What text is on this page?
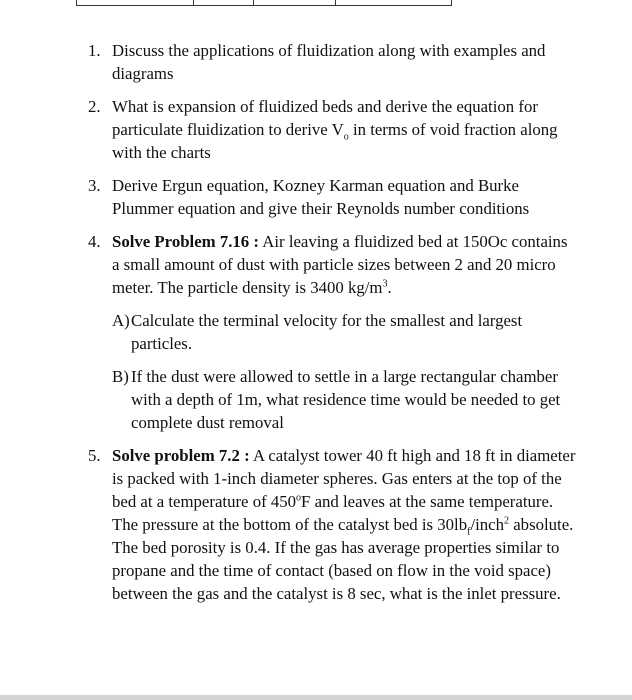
1. Discuss the applications of fluidization along with examples and diagrams
2. What is expansion of fluidized beds and derive the equation for particulate fluidization to derive $V_o$ in terms of void fraction along with the charts
3. Derive Ergun equation, Kozney Karman equation and Burke Plummer equation and give their Reynolds number conditions
4. Solve Problem 7.16 : Air leaving a fluidized bed at 150Oc contains a small amount of dust with particle sizes between 2 and 20 micro meter. The particle density is 3400 $kg/m^3$.
A) Calculate the terminal velocity for the smallest and largest particles.
B) If the dust were allowed to settle in a large rectangular chamber with a depth of 1m, what residence time would be needed to get complete dust removal
5. Solve problem 7.2 : A catalyst tower 40 ft high and 18 ft in diameter is packed with 1-inch diameter spheres. Gas enters at the top of the bed at a temperature of 450$^o$F and leaves at the same temperature. The pressure at the bottom of the catalyst bed is $30lb_f/inch^2$ absolute. The bed porosity is 0.4. If the gas has average properties similar to propane and the time of contact (based on flow in the void space) between the gas and the catalyst is 8 sec, what is the inlet pressure.
